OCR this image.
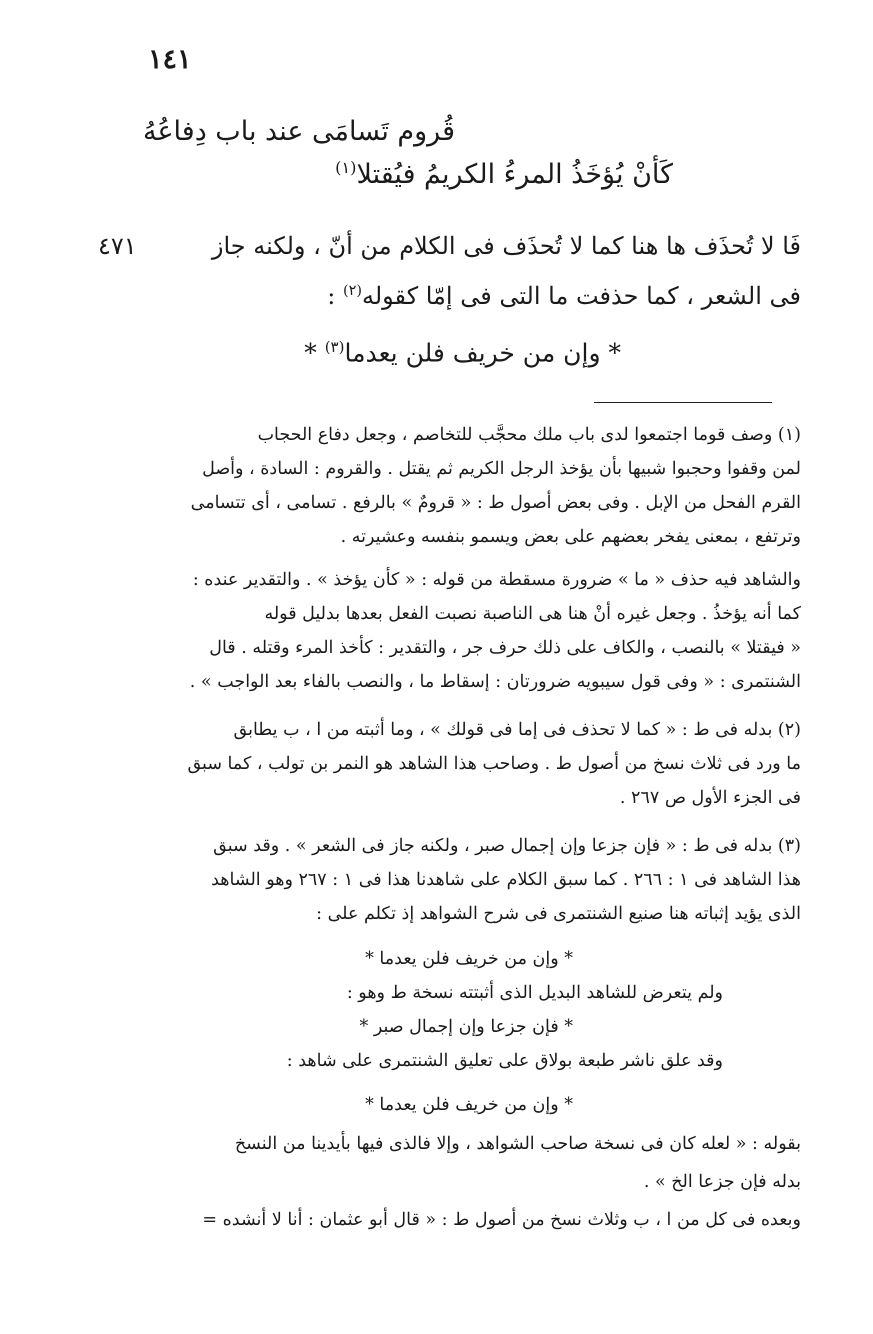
١٤١
قُروم تَسامَى عند باب دِفاعُهُ
كَأنْ يُؤخَذُ المرءُ الكريمُ فيُقتلا$^{(١)}$
فَا لا تُحذَف ها هنا كما لا تُحذَف فى الكلام من أنّ ، ولكنه جاز
٤٧١
فى الشعر ، كما حذفت ما التى فى إمّا كقوله$^{(٢)}$ :
* وإن من خريف فلن يعدما$^{(٣)}$ *
(١) وصف قوما اجتمعوا لدى باب ملك محجَّب للتخاصم ، وجعل دفاع الحجاب
لمن وقفوا وحجبوا شبيها بأن يؤخذ الرجل الكريم ثم يقتل . والقروم : السادة ، وأصل
القرم الفحل من الإبل . وفى بعض أصول ط : « قرومٌ » بالرفع . تسامى ، أى تتسامى
وترتفع ، بمعنى يفخر بعضهم على بعض ويسمو بنفسه وعشيرته .
والشاهد فيه حذف « ما » ضرورة مسقطة من قوله : « كأن يؤخذ » . والتقدير عنده :
كما أنه يؤخذُ . وجعل غيره أنْ هنا هى الناصبة نصبت الفعل بعدها بدليل قوله
« فيقتلا » بالنصب ، والكاف على ذلك حرف جر ، والتقدير : كأخذ المرء وقتله . قال
الشنتمرى : « وفى قول سيبويه ضرورتان : إسقاط ما ، والنصب بالفاء بعد الواجب » .
(٢) بدله فى ط : « كما لا تحذف فى إما فى قولك » ، وما أثبته من ا ، ب يطابق
ما ورد فى ثلاث نسخ من أصول ط . وصاحب هذا الشاهد هو النمر بن تولب ، كما سبق
فى الجزء الأول ص ٢٦٧ .
(٣) بدله فى ط : « فإن جزعا وإن إجمال صبر ، ولكنه جاز فى الشعر » . وقد سبق
هذا الشاهد فى ١ : ٢٦٦ . كما سبق الكلام على شاهدنا هذا فى ١ : ٢٦٧ وهو الشاهد
الذى يؤيد إثباته هنا صنيع الشنتمرى فى شرح الشواهد إذ تكلم على :
* وإن من خريف فلن يعدما *
ولم يتعرض للشاهد البديل الذى أثبتته نسخة ط وهو :
* فإن جزعا وإن إجمال صبر *
وقد علق ناشر طبعة بولاق على تعليق الشنتمرى على شاهد :
* وإن من خريف فلن يعدما *
بقوله : « لعله كان فى نسخة صاحب الشواهد ، وإلا فالذى فيها بأيدينا من النسخ
بدله فإن جزعا الخ » .
وبعده فى كل من ا ، ب وثلاث نسخ من أصول ط : « قال أبو عثمان : أنا لا أنشده =
